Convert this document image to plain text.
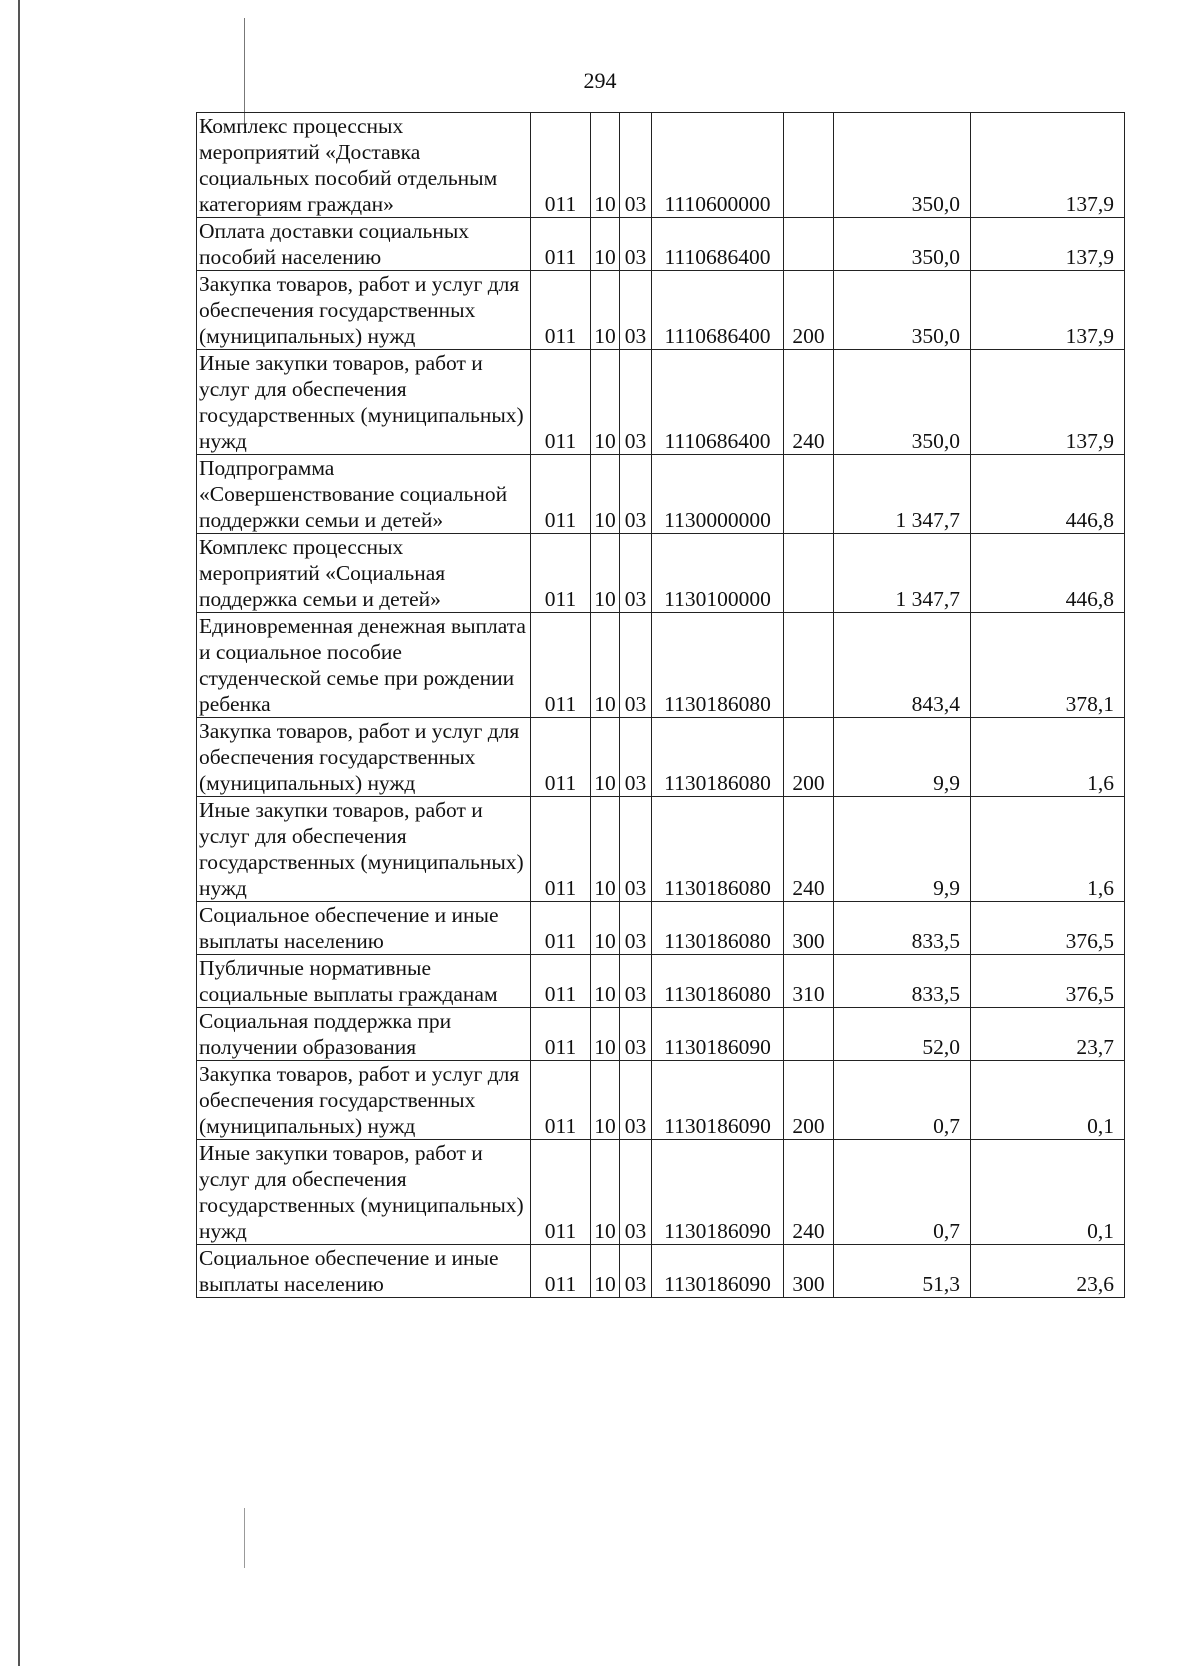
294
Комплекс процессных мероприятий «Доставка социальных пособий отдельным категориям граждан»	011	10	03	1110600000		350,0	137,9
Оплата доставки социальных пособий населению	011	10	03	1110686400		350,0	137,9
Закупка товаров, работ и услуг для обеспечения государственных (муниципальных) нужд	011	10	03	1110686400	200	350,0	137,9
Иные закупки товаров, работ и услуг для обеспечения государственных (муниципальных) нужд	011	10	03	1110686400	240	350,0	137,9
Подпрограмма «Совершенствование социальной поддержки семьи и детей»	011	10	03	1130000000		1 347,7	446,8
Комплекс процессных мероприятий «Социальная поддержка семьи и детей»	011	10	03	1130100000		1 347,7	446,8
Единовременная денежная выплата и социальное пособие студенческой семье при рождении ребенка	011	10	03	1130186080		843,4	378,1
Закупка товаров, работ и услуг для обеспечения государственных (муниципальных) нужд	011	10	03	1130186080	200	9,9	1,6
Иные закупки товаров, работ и услуг для обеспечения государственных (муниципальных) нужд	011	10	03	1130186080	240	9,9	1,6
Социальное обеспечение и иные выплаты населению	011	10	03	1130186080	300	833,5	376,5
Публичные нормативные социальные выплаты гражданам	011	10	03	1130186080	310	833,5	376,5
Социальная поддержка при получении образования	011	10	03	1130186090		52,0	23,7
Закупка товаров, работ и услуг для обеспечения государственных (муниципальных) нужд	011	10	03	1130186090	200	0,7	0,1
Иные закупки товаров, работ и услуг для обеспечения государственных (муниципальных) нужд	011	10	03	1130186090	240	0,7	0,1
Социальное обеспечение и иные выплаты населению	011	10	03	1130186090	300	51,3	23,6
